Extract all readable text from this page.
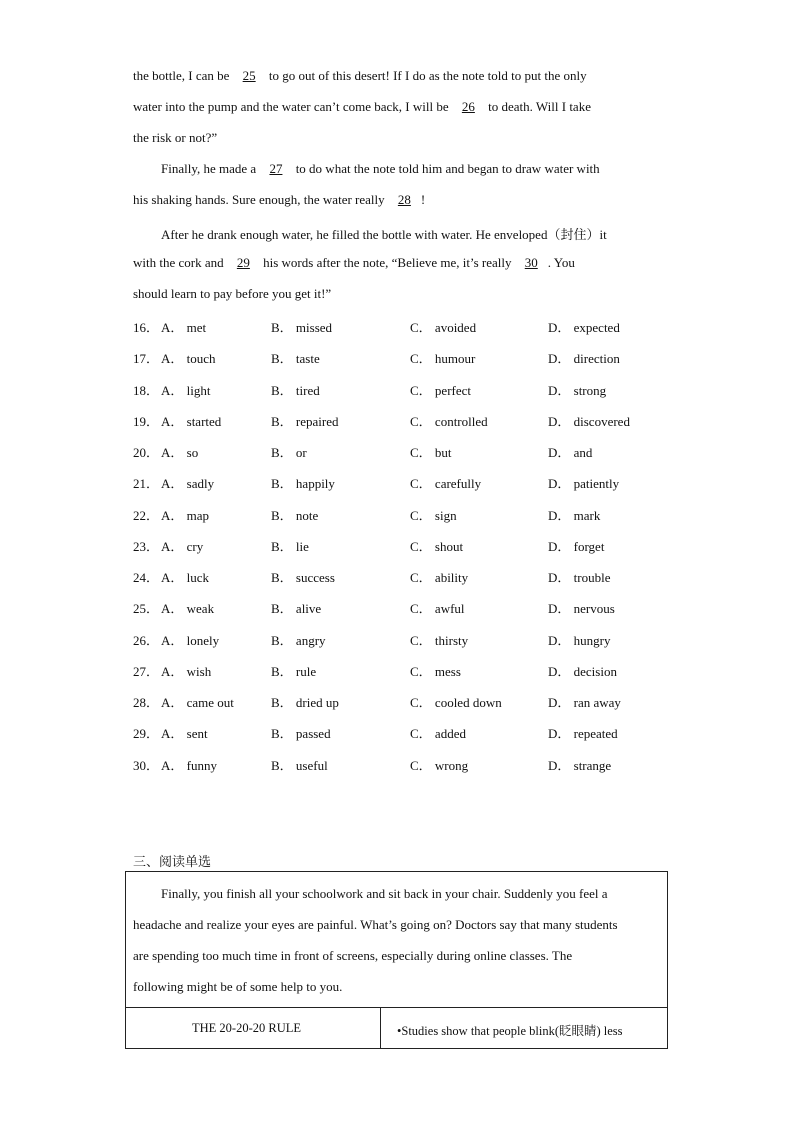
the bottle, I can be 25 to go out of this desert! If I do as the note told to put the only
water into the pump and the water can’t come back, I will be 26 to death. Will I take
the risk or not?”
Finally, he made a 27 to do what the note told him and began to draw water with
his shaking hands. Sure enough, the water really 28 !
After he drank enough water, he filled the bottle with water. He enveloped（封住）it
with the cork and 29 his words after the note, “Believe me, it’s really 30 . You
should learn to pay before you get it!”
16． A． met	B． missed	C． avoided	D． expected
17． A． touch	B． taste	C． humour	D． direction
18． A． light	B． tired	C． perfect	D． strong
19． A． started	B． repaired	C． controlled	D． discovered
20． A． so	B． or	C． but	D． and
21． A． sadly	B． happily	C． carefully	D． patiently
22． A． map	B． note	C． sign	D． mark
23． A． cry	B． lie	C． shout	D． forget
24． A． luck	B． success	C． ability	D． trouble
25． A． weak	B． alive	C． awful	D． nervous
26． A． lonely	B． angry	C． thirsty	D． hungry
27． A． wish	B． rule	C． mess	D． decision
28． A． came out	B． dried up	C． cooled down	D． ran away
29． A． sent	B． passed	C． added	D． repeated
30． A． funny	B． useful	C． wrong	D． strange
三、阅读单选
Finally, you finish all your schoolwork and sit back in your chair. Suddenly you feel a
headache and realize your eyes are painful. What’s going on? Doctors say that many students
are spending too much time in front of screens, especially during online classes. The
following might be of some help to you.
THE 20-20-20 RULE	•Studies show that people blink(眨眼睛) less
